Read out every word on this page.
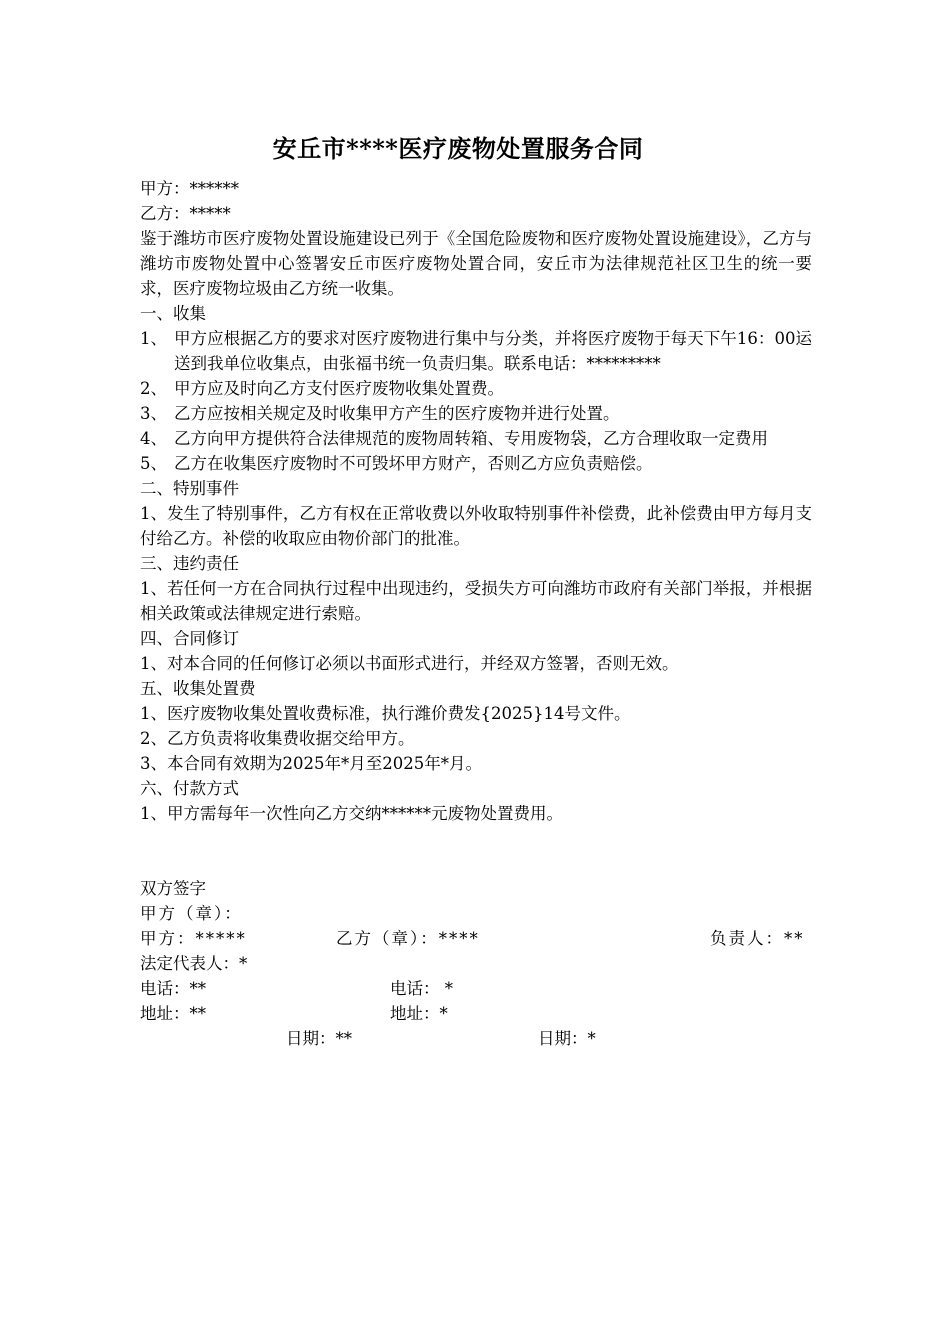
安丘市****医疗废物处置服务合同

甲方：******

乙方：*****

鉴于潍坊市医疗废物处置设施建设已列于《全国危险废物和医疗废物处置设施建设》，乙方与潍坊市废物处置中心签署安丘市医疗废物处置合同，安丘市为法律规范社区卫生的统一要求，医疗废物垃圾由乙方统一收集。

一、收集

1、 甲方应根据乙方的要求对医疗废物进行集中与分类，并将医疗废物于每天下午16：00运送到我单位收集点，由张福书统一负责归集。联系电话：*********
2、 甲方应及时向乙方支付医疗废物收集处置费。
3、 乙方应按相关规定及时收集甲方产生的医疗废物并进行处置。
4、 乙方向甲方提供符合法律规范的废物周转箱、专用废物袋，乙方合理收取一定费用
5、 乙方在收集医疗废物时不可毁坏甲方财产，否则乙方应负责赔偿。

二、特别事件

1、发生了特别事件，乙方有权在正常收费以外收取特别事件补偿费，此补偿费由甲方每月支付给乙方。补偿的收取应由物价部门的批准。

三、违约责任

1、若任何一方在合同执行过程中出现违约，受损失方可向潍坊市政府有关部门举报，并根据相关政策或法律规定进行索赔。

四、合同修订

1、对本合同的任何修订必须以书面形式进行，并经双方签署，否则无效。

五、收集处置费

1、医疗废物收集处置收费标准，执行潍价费发{2025}14号文件。

2、乙方负责将收集费收据交给甲方。

3、本合同有效期为2025年*月至2025年*月。

六、付款方式

1、甲方需每年一次性向乙方交纳******元废物处置费用。

双方签字

甲方（章）：
甲方：*****	乙方（章）：****	负责人：**
法定代表人：*
电话：**	电话： *
地址：**	地址：*
日期：**	日期：*
